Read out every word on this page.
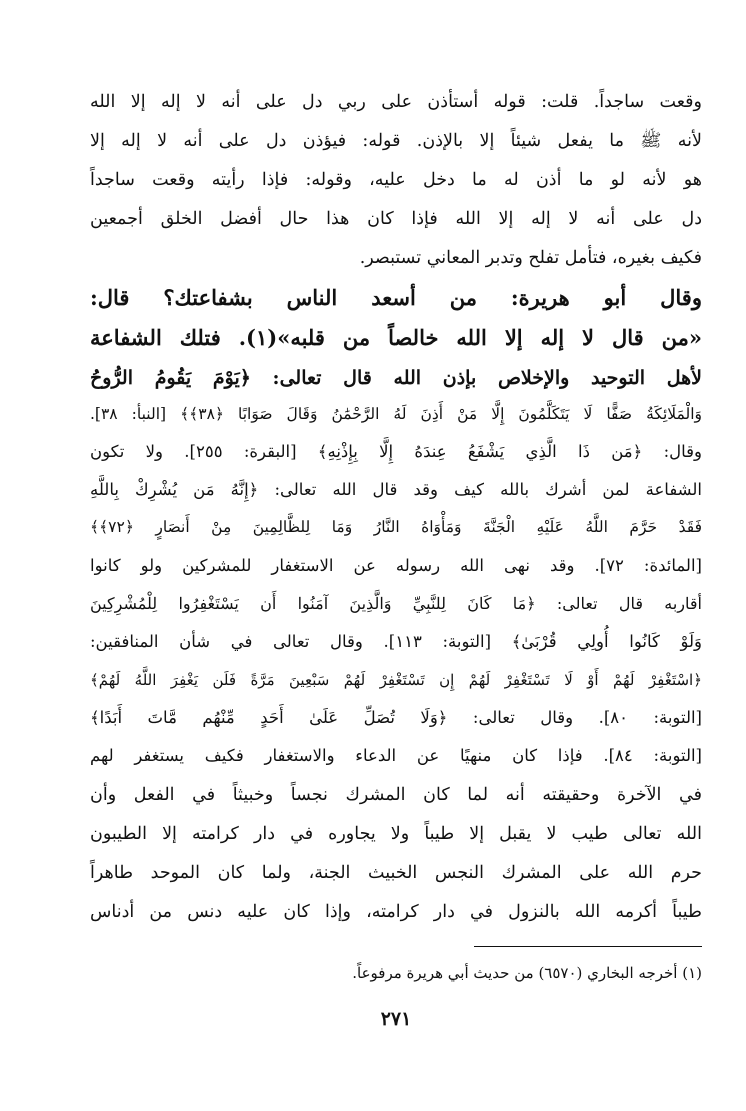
وقعت ساجداً. قلت: قوله أستأذن على ربي دل على أنه لا إله إلا الله
لأنه ﷺ ما يفعل شيئاً إلا بالإذن. قوله: فيؤذن دل على أنه لا إله إلا
هو لأنه لو ما أذن له ما دخل عليه، وقوله: فإذا رأيته وقعت ساجداً
دل على أنه لا إله إلا الله فإذا كان هذا حال أفضل الخلق أجمعين
فكيف بغيره، فتأمل تفلح وتدبر المعاني تستبصر.
وقال أبو هريرة: من أسعد الناس بشفاعتك؟ قال:
«من قال لا إله إلا الله خالصاً من قلبه»(١). فتلك الشفاعة
لأهل التوحيد والإخلاص بإذن الله قال تعالى: ﴿يَوْمَ يَقُومُ الرُّوحُ
وَالْمَلَائِكَةُ صَفًّا لَا يَتَكَلَّمُونَ إِلَّا مَنْ أَذِنَ لَهُ الرَّحْمَٰنُ وَقَالَ صَوَابًا ﴿٣٨﴾﴾ [النبأ: ٣٨].
وقال: ﴿مَن ذَا الَّذِي يَشْفَعُ عِندَهُ إِلَّا بِإِذْنِهِ﴾ [البقرة: ٢٥٥]. ولا تكون
الشفاعة لمن أشرك بالله كيف وقد قال الله تعالى: ﴿إِنَّهُ مَن يُشْرِكْ بِاللَّهِ
فَقَدْ حَرَّمَ اللَّهُ عَلَيْهِ الْجَنَّةَ وَمَأْوَاهُ النَّارُ وَمَا لِلظَّالِمِينَ مِنْ أَنصَارٍ ﴿٧٢﴾﴾
[المائدة: ٧٢]. وقد نهى الله رسوله عن الاستغفار للمشركين ولو كانوا
أقاربه قال تعالى: ﴿مَا كَانَ لِلنَّبِيِّ وَالَّذِينَ آمَنُوا أَن يَسْتَغْفِرُوا لِلْمُشْرِكِينَ
وَلَوْ كَانُوا أُولِي قُرْبَىٰ﴾ [التوبة: ١١٣]. وقال تعالى في شأن المنافقين:
﴿اسْتَغْفِرْ لَهُمْ أَوْ لَا تَسْتَغْفِرْ لَهُمْ إِن تَسْتَغْفِرْ لَهُمْ سَبْعِينَ مَرَّةً فَلَن يَغْفِرَ اللَّهُ لَهُمْ﴾
[التوبة: ٨٠]. وقال تعالى: ﴿وَلَا تُصَلِّ عَلَىٰ أَحَدٍ مِّنْهُم مَّاتَ أَبَدًا﴾
[التوبة: ٨٤]. فإذا كان منهيًا عن الدعاء والاستغفار فكيف يستغفر لهم
في الآخرة وحقيقته أنه لما كان المشرك نجساً وخبيثاً في الفعل وأن
الله تعالى طيب لا يقبل إلا طيباً ولا يجاوره في دار كرامته إلا الطيبون
حرم الله على المشرك النجس الخبيث الجنة، ولما كان الموحد طاهراً
طيباً أكرمه الله بالنزول في دار كرامته، وإذا كان عليه دنس من أدناس
(١) أخرجه البخاري (٦٥٧٠) من حديث أبي هريرة مرفوعاً.
٢٧١
